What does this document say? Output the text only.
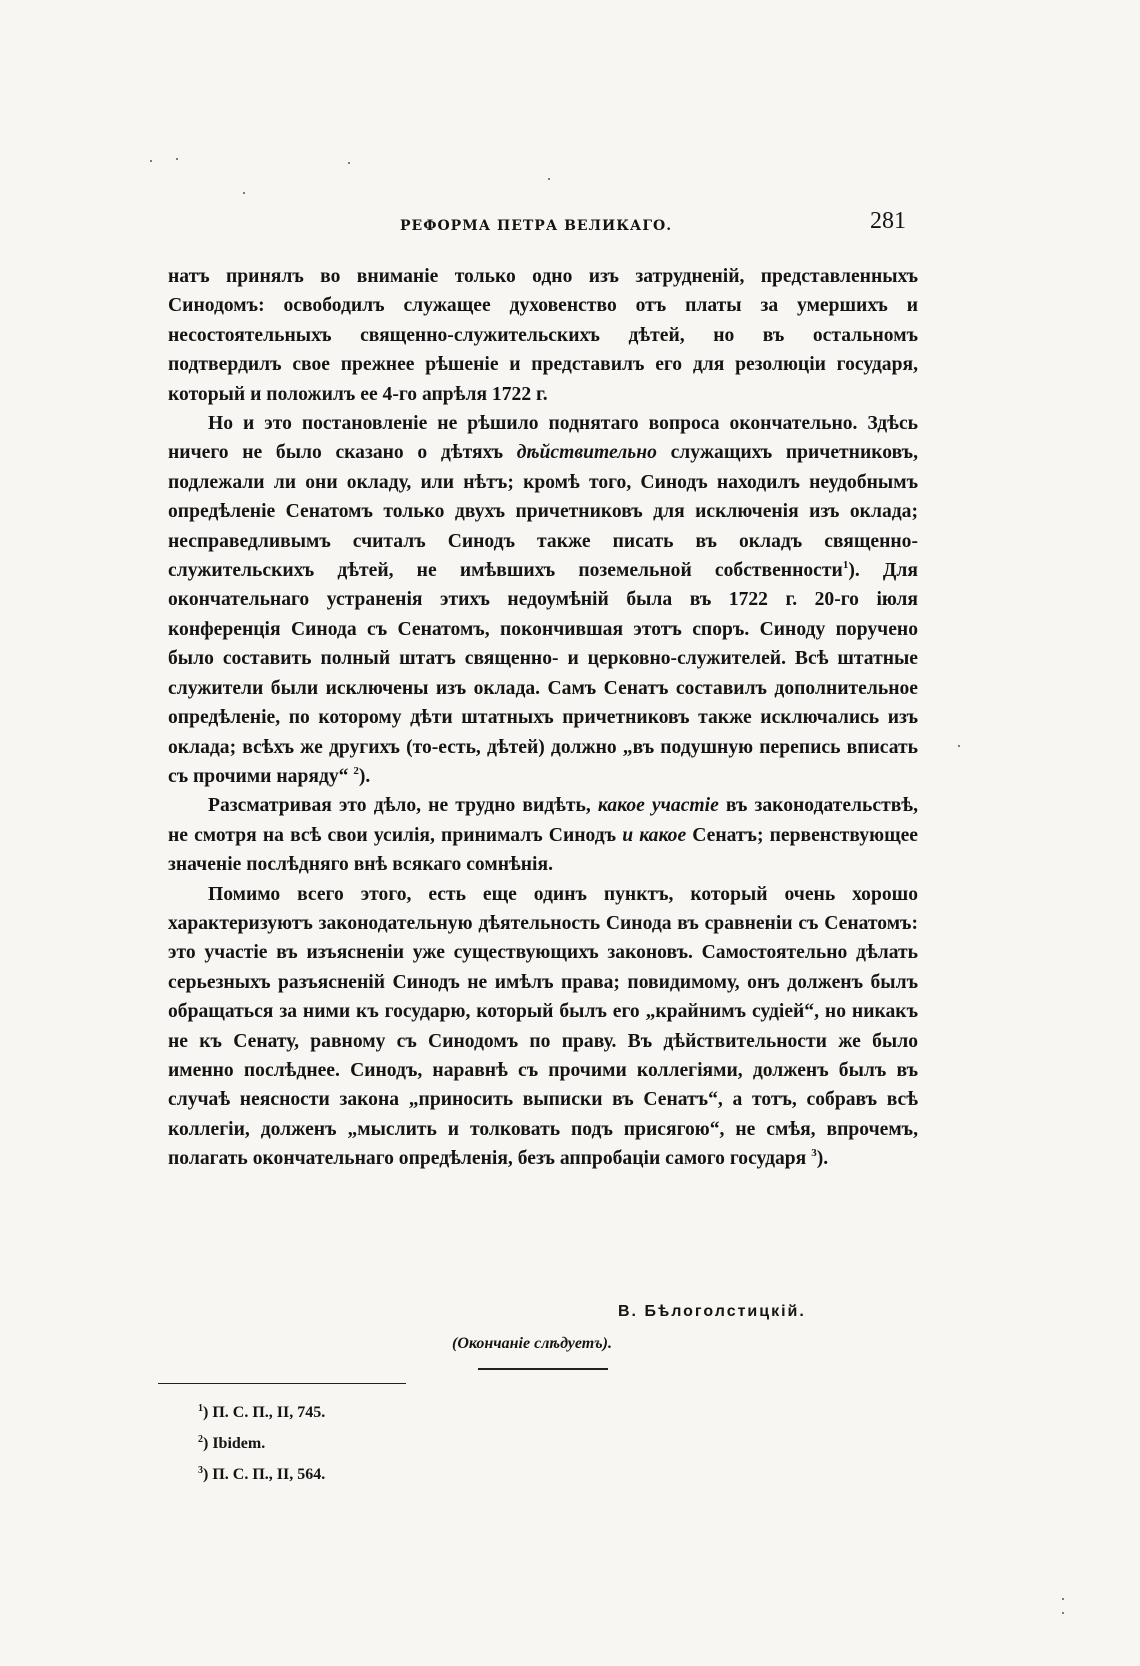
РЕФОРМА ПЕТРА ВЕЛИКАГО.	281

натъ принялъ во вниманіе только одно изъ затрудненій, представленныхъ Синодомъ: освободилъ служащее духовенство отъ платы за умершихъ и несостоятельныхъ священно-служительскихъ дѣтей, но въ остальномъ подтвердилъ свое прежнее рѣшеніе и представилъ его для резолюціи государя, который и положилъ ее 4-го апрѣля 1722 г.

Но и это постановленіе не рѣшило поднятаго вопроса окончательно. Здѣсь ничего не было сказано о дѣтяхъ дѣйствительно служащихъ причетниковъ, подлежали ли они окладу, или нѣтъ; кромѣ того, Синодъ находилъ неудобнымъ опредѣленіе Сенатомъ только двухъ причетниковъ для исключенія изъ оклада; несправедливымъ считалъ Синодъ также писать въ окладъ священно-служительскихъ дѣтей, не имѣвшихъ поземельной собственности$^1$). Для окончательнаго устраненія этихъ недоумѣній была въ 1722 г. 20-го іюля конференція Синода съ Сенатомъ, покончившая этотъ споръ. Синоду поручено было составить полный штатъ священно- и церковно-служителей. Всѣ штатные служители были исключены изъ оклада. Самъ Сенатъ составилъ дополнительное опредѣленіе, по которому дѣти штатныхъ причетниковъ также исключались изъ оклада; всѣхъ же другихъ (то-есть, дѣтей) должно „въ подушную перепись вписать съ прочими наряду“ $^2$).

Разсматривая это дѣло, не трудно видѣть, какое участіе въ законодательствѣ, не смотря на всѣ свои усилія, принималъ Синодъ и какое Сенатъ; первенствующее значеніе послѣдняго внѣ всякаго сомнѣнія.

Помимо всего этого, есть еще одинъ пунктъ, который очень хорошо характеризуютъ законодательную дѣятельность Синода въ сравненіи съ Сенатомъ: это участіе въ изъясненіи уже существующихъ законовъ. Самостоятельно дѣлать серьезныхъ разъясненій Синодъ не имѣлъ права; повидимому, онъ долженъ былъ обращаться за ними къ государю, который былъ его „крайнимъ судіей“, но никакъ не къ Сенату, равному съ Синодомъ по праву. Въ дѣйствительности же было именно послѣднее. Синодъ, наравнѣ съ прочими коллегіями, долженъ былъ въ случаѣ неясности закона „приносить выписки въ Сенатъ“, а тотъ, собравъ всѣ коллегіи, долженъ „мыслить и толковать подъ присягою“, не смѣя, впрочемъ, полагать окончательнаго опредѣленія, безъ аппробаціи самого государя $^3$).

В. Бѣлоголстицкій.
(Окончаніе слѣдуетъ).
$^1$) П. С. П., II, 745.
$^2$) Ibidem.
$^3$) П. С. П., II, 564.
